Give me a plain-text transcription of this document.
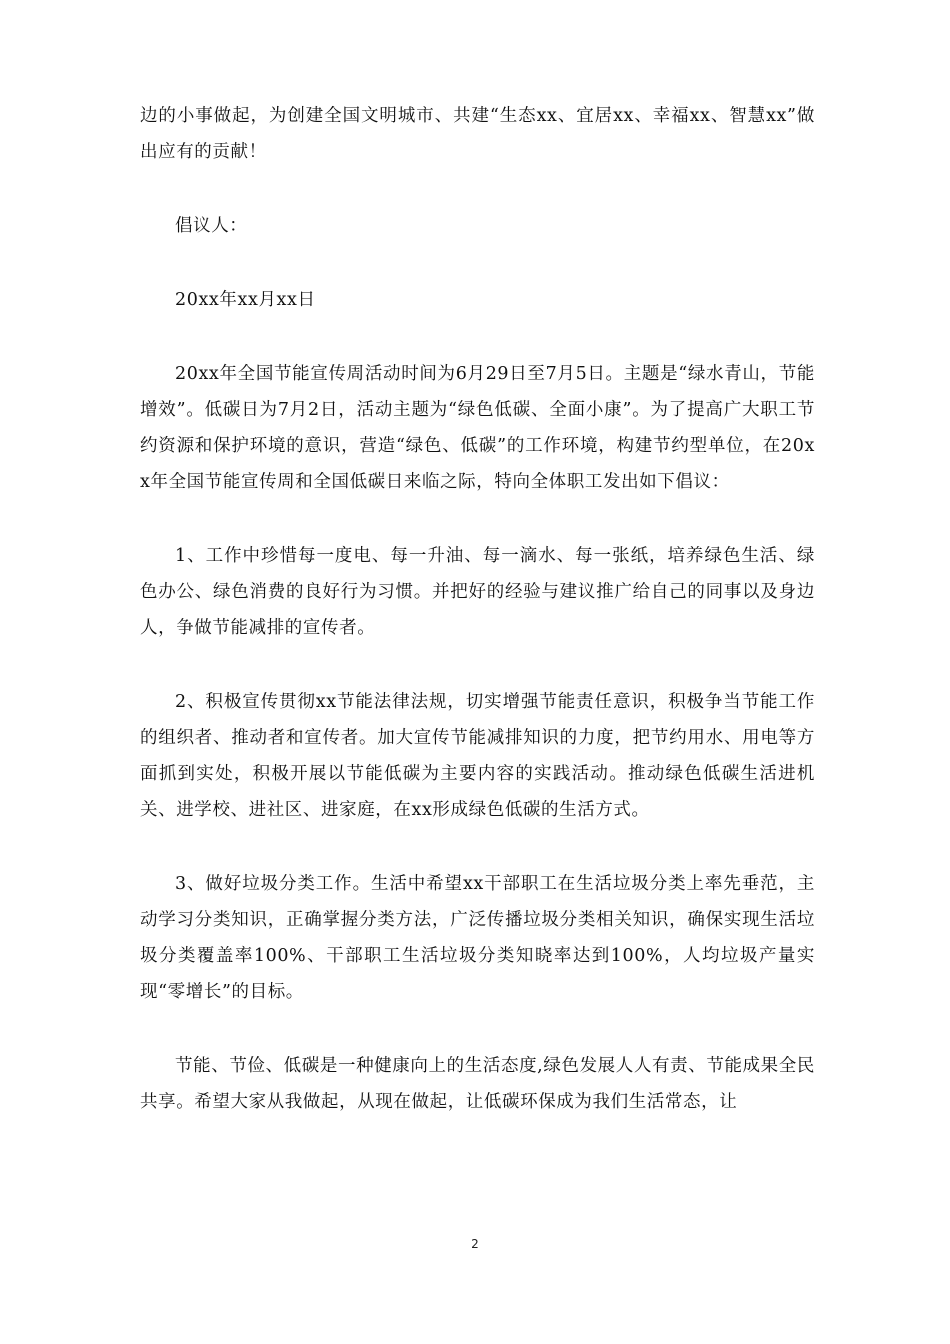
边的小事做起，为创建全国文明城市、共建“生态xx、宜居xx、幸福xx、智慧xx”做出应有的贡献！

倡议人：

20xx年xx月xx日

20xx年全国节能宣传周活动时间为6月29日至7月5日。主题是“绿水青山，节能增效”。低碳日为7月2日，活动主题为“绿色低碳、全面小康”。为了提高广大职工节约资源和保护环境的意识，营造“绿色、低碳”的工作环境，构建节约型单位，在20xx年全国节能宣传周和全国低碳日来临之际，特向全体职工发出如下倡议：

1、工作中珍惜每一度电、每一升油、每一滴水、每一张纸，培养绿色生活、绿色办公、绿色消费的良好行为习惯。并把好的经验与建议推广给自己的同事以及身边人，争做节能减排的宣传者。

2、积极宣传贯彻xx节能法律法规，切实增强节能责任意识，积极争当节能工作的组织者、推动者和宣传者。加大宣传节能减排知识的力度，把节约用水、用电等方面抓到实处，积极开展以节能低碳为主要内容的实践活动。推动绿色低碳生活进机关、进学校、进社区、进家庭，在xx形成绿色低碳的生活方式。

3、做好垃圾分类工作。生活中希望xx干部职工在生活垃圾分类上率先垂范，主动学习分类知识，正确掌握分类方法，广泛传播垃圾分类相关知识，确保实现生活垃圾分类覆盖率100%、干部职工生活垃圾分类知晓率达到100%，人均垃圾产量实现“零增长”的目标。

节能、节俭、低碳是一种健康向上的生活态度,绿色发展人人有责、节能成果全民共享。希望大家从我做起，从现在做起，让低碳环保成为我们生活常态，让

2
